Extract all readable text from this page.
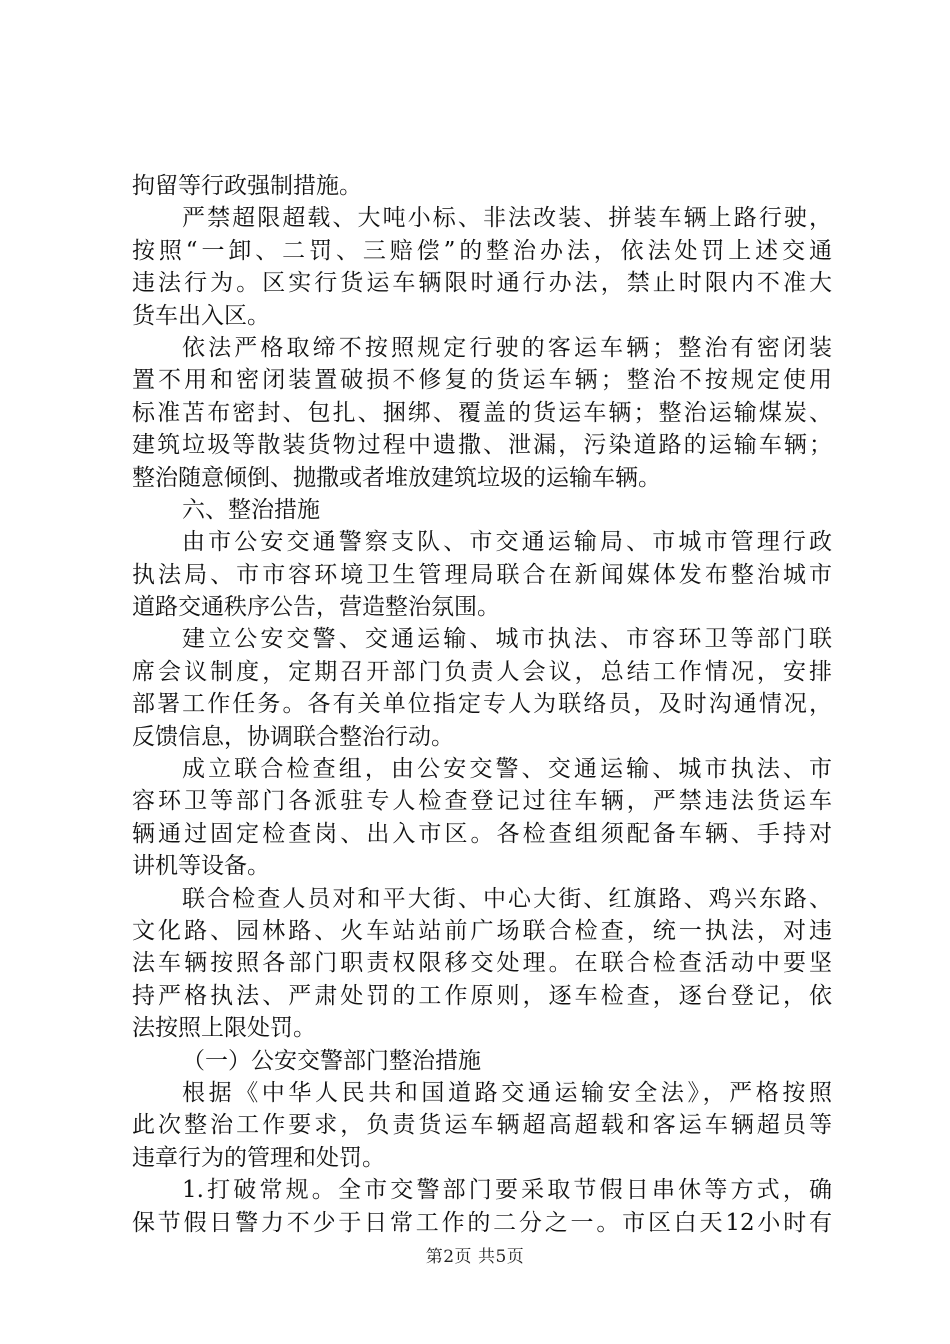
拘留等行政强制措施。
严禁超限超载、大吨小标、非法改装、拼装车辆上路行驶，
按照“一卸、二罚、三赔偿”的整治办法，依法处罚上述交通
违法行为。区实行货运车辆限时通行办法，禁止时限内不准大
货车出入区。
依法严格取缔不按照规定行驶的客运车辆；整治有密闭装
置不用和密闭装置破损不修复的货运车辆；整治不按规定使用
标准苫布密封、包扎、捆绑、覆盖的货运车辆；整治运输煤炭、
建筑垃圾等散装货物过程中遗撒、泄漏，污染道路的运输车辆；
整治随意倾倒、抛撒或者堆放建筑垃圾的运输车辆。
六、整治措施
由市公安交通警察支队、市交通运输局、市城市管理行政
执法局、市市容环境卫生管理局联合在新闻媒体发布整治城市
道路交通秩序公告，营造整治氛围。
建立公安交警、交通运输、城市执法、市容环卫等部门联
席会议制度，定期召开部门负责人会议，总结工作情况，安排
部署工作任务。各有关单位指定专人为联络员，及时沟通情况，
反馈信息，协调联合整治行动。
成立联合检查组，由公安交警、交通运输、城市执法、市
容环卫等部门各派驻专人检查登记过往车辆，严禁违法货运车
辆通过固定检查岗、出入市区。各检查组须配备车辆、手持对
讲机等设备。
联合检查人员对和平大街、中心大街、红旗路、鸡兴东路、
文化路、园林路、火车站站前广场联合检查，统一执法，对违
法车辆按照各部门职责权限移交处理。在联合检查活动中要坚
持严格执法、严肃处罚的工作原则，逐车检查，逐台登记，依
法按照上限处罚。
（一）公安交警部门整治措施
根据《中华人民共和国道路交通运输安全法》，严格按照
此次整治工作要求，负责货运车辆超高超载和客运车辆超员等
违章行为的管理和处罚。
1.打破常规。全市交警部门要采取节假日串休等方式，确
保节假日警力不少于日常工作的二分之一。市区白天12小时有
第2页 共5页
